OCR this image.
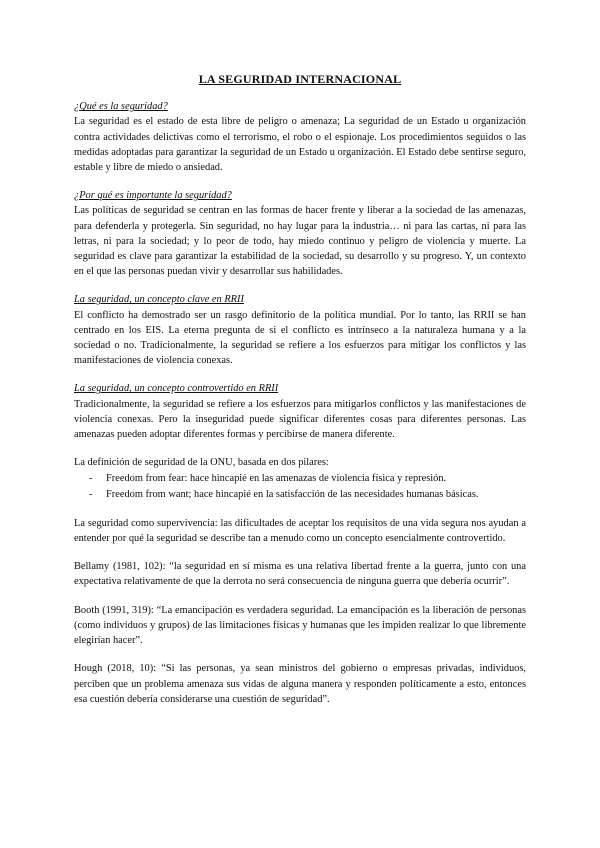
LA SEGURIDAD INTERNACIONAL

¿Qué es la seguridad?

La seguridad es el estado de esta libre de peligro o amenaza; La seguridad de un Estado u organización contra actividades delictivas como el terrorismo, el robo o el espionaje. Los procedimientos seguidos o las medidas adoptadas para garantizar la seguridad de un Estado u organización. El Estado debe sentirse seguro, estable y libre de miedo o ansiedad.

¿Por qué es importante la seguridad?

Las políticas de seguridad se centran en las formas de hacer frente y liberar a la sociedad de las amenazas, para defenderla y protegerla. Sin seguridad, no hay lugar para la industria… ni para las cartas, ni para las letras, ni para la sociedad; y lo peor de todo, hay miedo continuo y peligro de violencia y muerte. La seguridad es clave para garantizar la estabilidad de la sociedad, su desarrollo y su progreso. Y, un contexto en el que las personas puedan vivir y desarrollar sus habilidades.

La seguridad, un concepto clave en RRII

El conflicto ha demostrado ser un rasgo definitorio de la política mundial. Por lo tanto, las RRII se han centrado en los EIS. La eterna pregunta de si el conflicto es intrínseco a la naturaleza humana y a la sociedad o no. Tradicionalmente, la seguridad se refiere a los esfuerzos para mitigar los conflictos y las manifestaciones de violencia conexas.

La seguridad, un concepto controvertido en RRII

Tradicionalmente, la seguridad se refiere a los esfuerzos para mitigarlos conflictos y las manifestaciones de violencia conexas. Pero la inseguridad puede significar diferentes cosas para diferentes personas. Las amenazas pueden adoptar diferentes formas y percibirse de manera diferente.

La definición de seguridad de la ONU, basada en dos pilares:

- Freedom from fear: hace hincapié en las amenazas de violencia física y represión.
- Freedom from want; hace hincapié en la satisfacción de las necesidades humanas básicas.

La seguridad como supervivencia: las dificultades de aceptar los requisitos de una vida segura nos ayudan a entender por qué la seguridad se describe tan a menudo como un concepto esencialmente controvertido.

Bellamy (1981, 102): “la seguridad en sí misma es una relativa libertad frente a la guerra, junto con una expectativa relativamente de que la derrota no será consecuencia de ninguna guerra que debería ocurrir”.

Booth (1991, 319): “La emancipación es verdadera seguridad. La emancipación es la liberación de personas (como individuos y grupos) de las limitaciones físicas y humanas que les impiden realizar lo que libremente elegirían hacer”.

Hough (2018, 10): “Si las personas, ya sean ministros del gobierno o empresas privadas, individuos, perciben que un problema amenaza sus vidas de alguna manera y responden políticamente a esto, entonces esa cuestión debería considerarse una cuestión de seguridad”.
